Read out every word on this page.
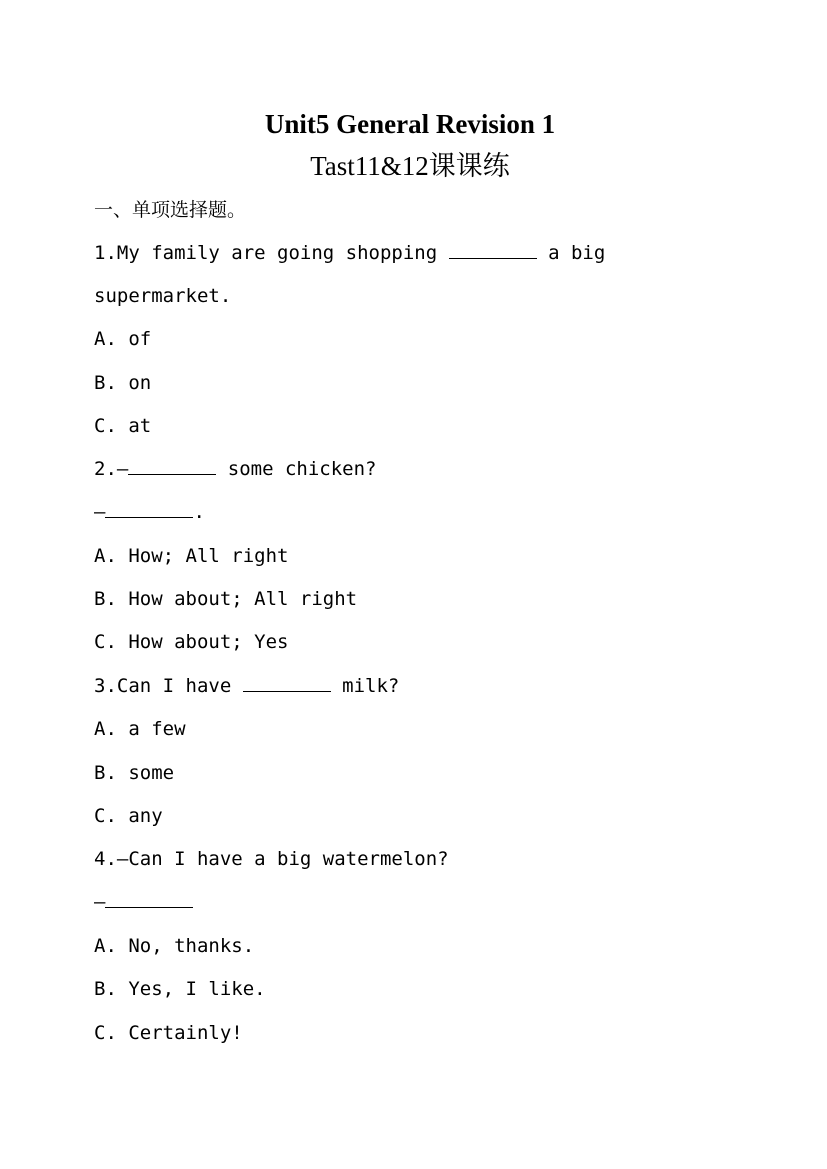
Unit5 General Revision 1
Tast11&12课课练

一、单项选择题。

1.My family are going shopping	a big

supermarket.

A. of

B. on

C. at

2.—	some chicken?

—	.

A. How; All right

B. How about; All right

C. How about; Yes

3.Can I have	milk?

A. a few

B. some

C. any

4.—Can I have a big watermelon?

—

A. No, thanks.

B. Yes, I like.

C. Certainly!
